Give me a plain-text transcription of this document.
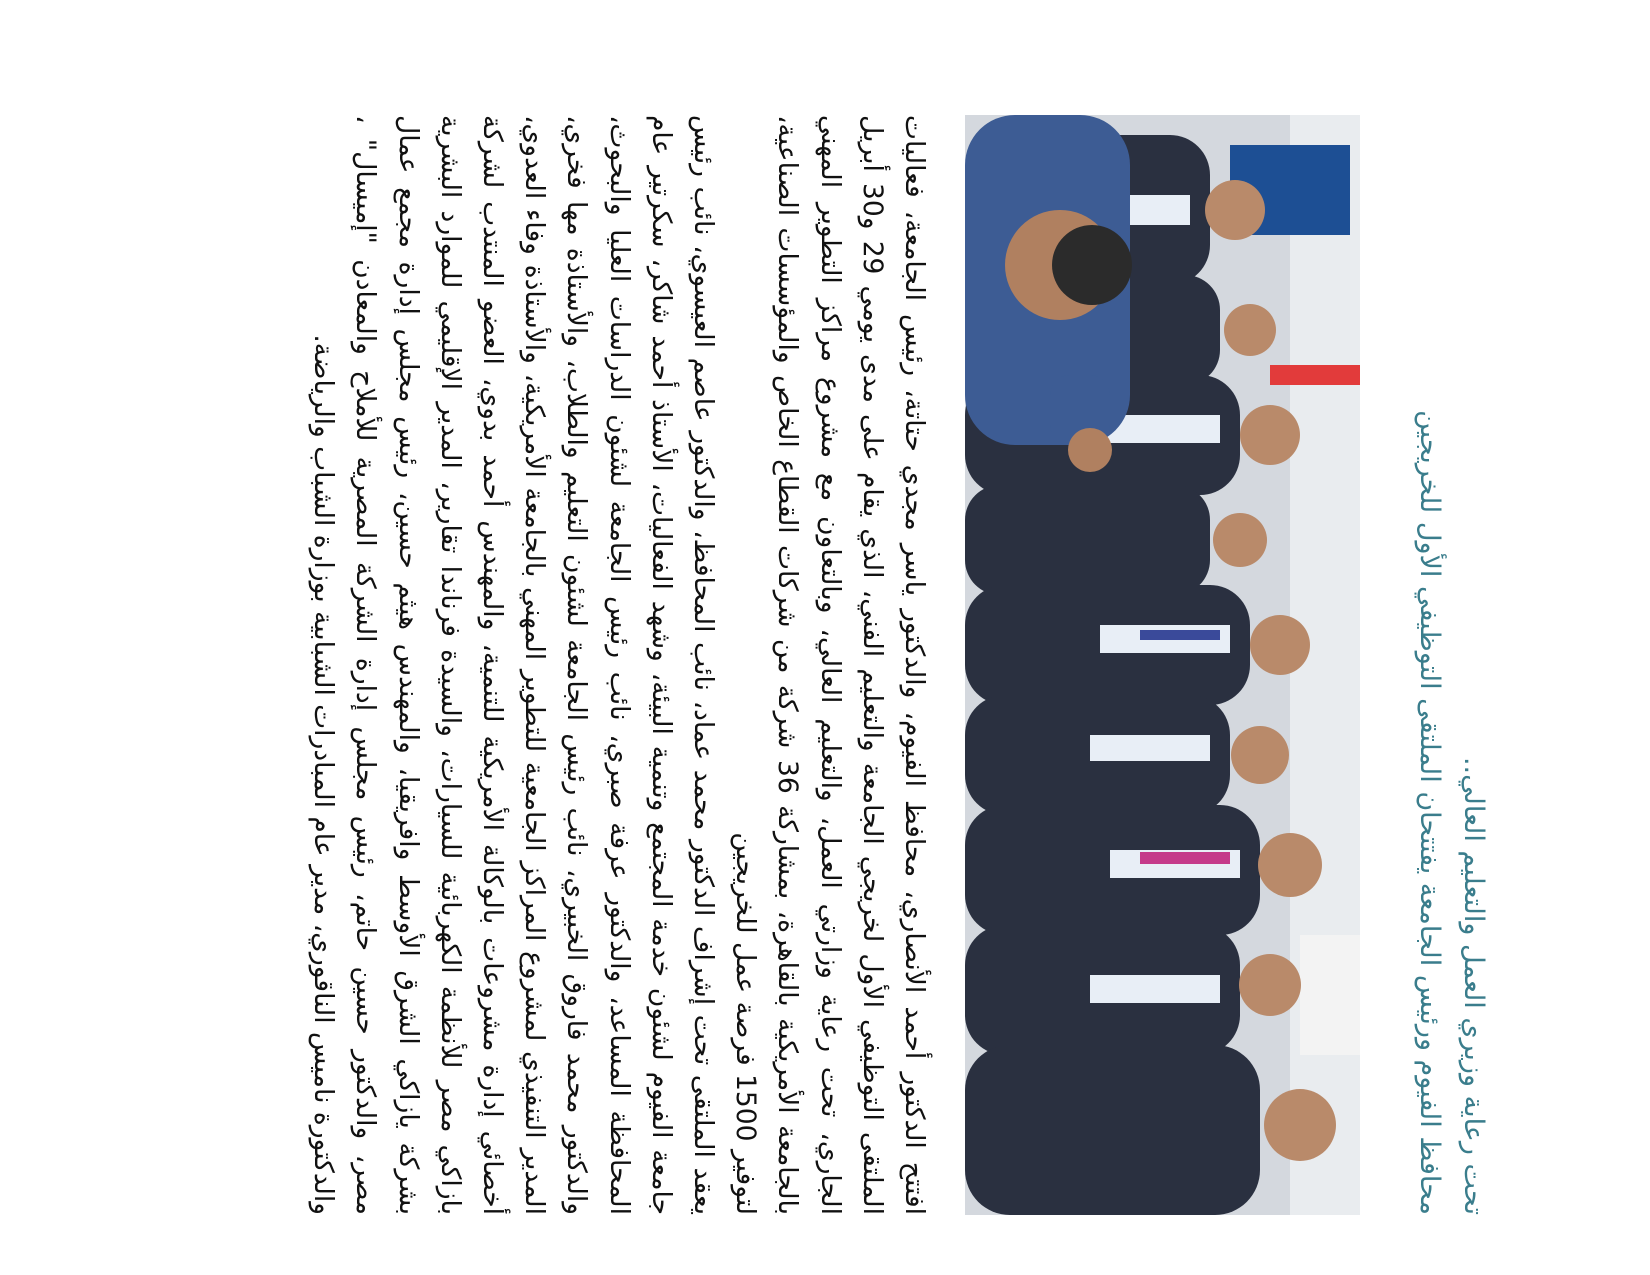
تحت رعاية وزيري العمل والتعليم العالي..
محافظ الفيوم ورئيس الجامعة يفتتحان الملتقى التوظيفي الأول للخريجين

افتتح الدكتور أحمد الأنصاري، محافظ الفيوم، والدكتور ياسر مجدي حتاتة، رئيس الجامعة، فعاليات الملتقى التوظيفي الأول لخريجي الجامعة والتعليم الفني، الذي يقام على مدى يومي 29 و30 أبريل الجاري، تحت رعاية وزارتي العمل، والتعليم العالي، وبالتعاون مع مشروع مراكز التطوير المهني بالجامعة الأمريكية بالقاهرة، بمشاركة 36 شركة من شركات القطاع الخاص والمؤسسات الصناعية، لتوفير 1500 فرصة عمل للخريجين

يعقد الملتقى تحت إشراف الدكتور محمد عماد، نائب المحافظ، والدكتور عاصم العيسوي، نائب رئيس جامعة الفيوم لشئون خدمة المجتمع وتنمية البيئة، وشهد الفعاليات، الأستاذ أحمد شاكر، سكرتير عام المحافظة المساعد، والدكتور عرفة صبري، نائب رئيس الجامعة لشئون الدراسات العليا والبحوث، والدكتور محمد فاروق الخبيري، نائب رئيس الجامعة لشئون التعليم والطلاب، والأستاذة مها فخري، المدير التنفيذي لمشروع المراكز الجامعية للتطوير المهني بالجامعة الأمريكية، والأستاذة وفاء العدوي، أخصائي إدارة مشروعات بالوكالة الأمريكية للتنمية، والمهندس أحمد بدوي، العضو المنتدب لشركة بازاكي مصر للأنظمة الكهربائية للسيارات، والسيدة فرناندا تقارير، المدير الإقليمي للموارد البشرية بشركة يازاكي الشرق الأوسط وافريقيا، والمهندس هيثم حسين، رئيس مجلس إدارة مجمع عمال مصر، والدكتور حسين حاتم، رئيس مجلس إدارة الشركة المصرية للأملاح والمعادن "إميسال" ، والدكتورة ناميس الناقوري، مدير عام المبادرات الشبابية بوزارة الشباب والرياضة.
